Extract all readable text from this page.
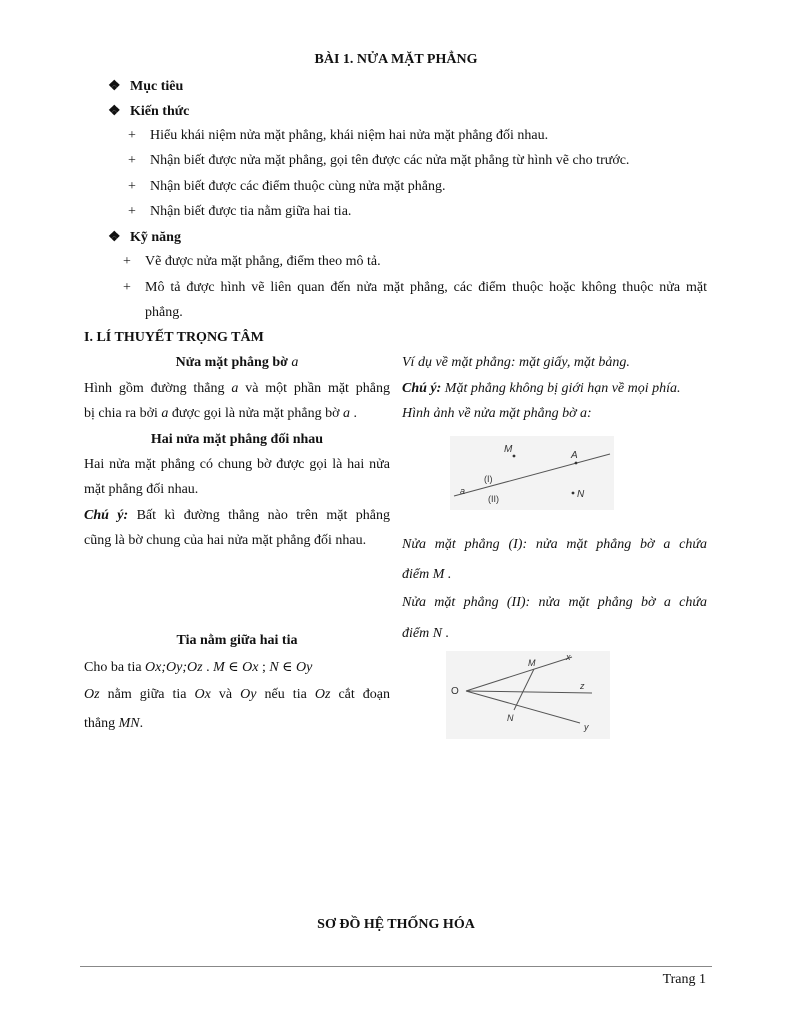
BÀI 1. NỬA MẶT PHẲNG
❖ Mục tiêu
❖ Kiến thức
+ Hiểu khái niệm nửa mặt phẳng, khái niệm hai nửa mặt phẳng đối nhau.
+ Nhận biết được nửa mặt phẳng, gọi tên được các nửa mặt phẳng từ hình vẽ cho trước.
+ Nhận biết được các điểm thuộc cùng nửa mặt phẳng.
+ Nhận biết được tia nằm giữa hai tia.
❖ Kỹ năng
+ Vẽ được nửa mặt phẳng, điểm theo mô tả.
+ Mô tả được hình vẽ liên quan đến nửa mặt phẳng, các điểm thuộc hoặc không thuộc nửa mặt
phẳng.
I. LÍ THUYẾT TRỌNG TÂM
Nửa mặt phẳng bờ a
Hình gồm đường thẳng a và một phần mặt phẳng
bị chia ra bởi a được gọi là nửa mặt phẳng bờ a .
Hai nửa mặt phẳng đối nhau
Hai nửa mặt phẳng có chung bờ được gọi là hai nửa
mặt phẳng đối nhau.
Chú ý: Bất kì đường thẳng nào trên mặt phẳng
cũng là bờ chung của hai nửa mặt phẳng đối nhau.
Tia nằm giữa hai tia
Cho ba tia Ox;Oy;Oz . M ∈ Ox ; N ∈ Oy
Oz nằm giữa tia Ox và Oy nếu tia Oz cắt đoạn
thẳng MN.
Ví dụ về mặt phẳng: mặt giấy, mặt bảng.
Chú ý: Mặt phẳng không bị giới hạn về mọi phía.
Hình ảnh về nửa mặt phẳng bờ a:
M
A
a
(I)
(II)	N
Nửa mặt phẳng (I): nửa mặt phẳng bờ a chứa
điểm M .
Nửa mặt phẳng (II): nửa mặt phẳng bờ a chứa
điểm N .
O
M
N
x
y
z
SƠ ĐỒ HỆ THỐNG HÓA
Trang 1
